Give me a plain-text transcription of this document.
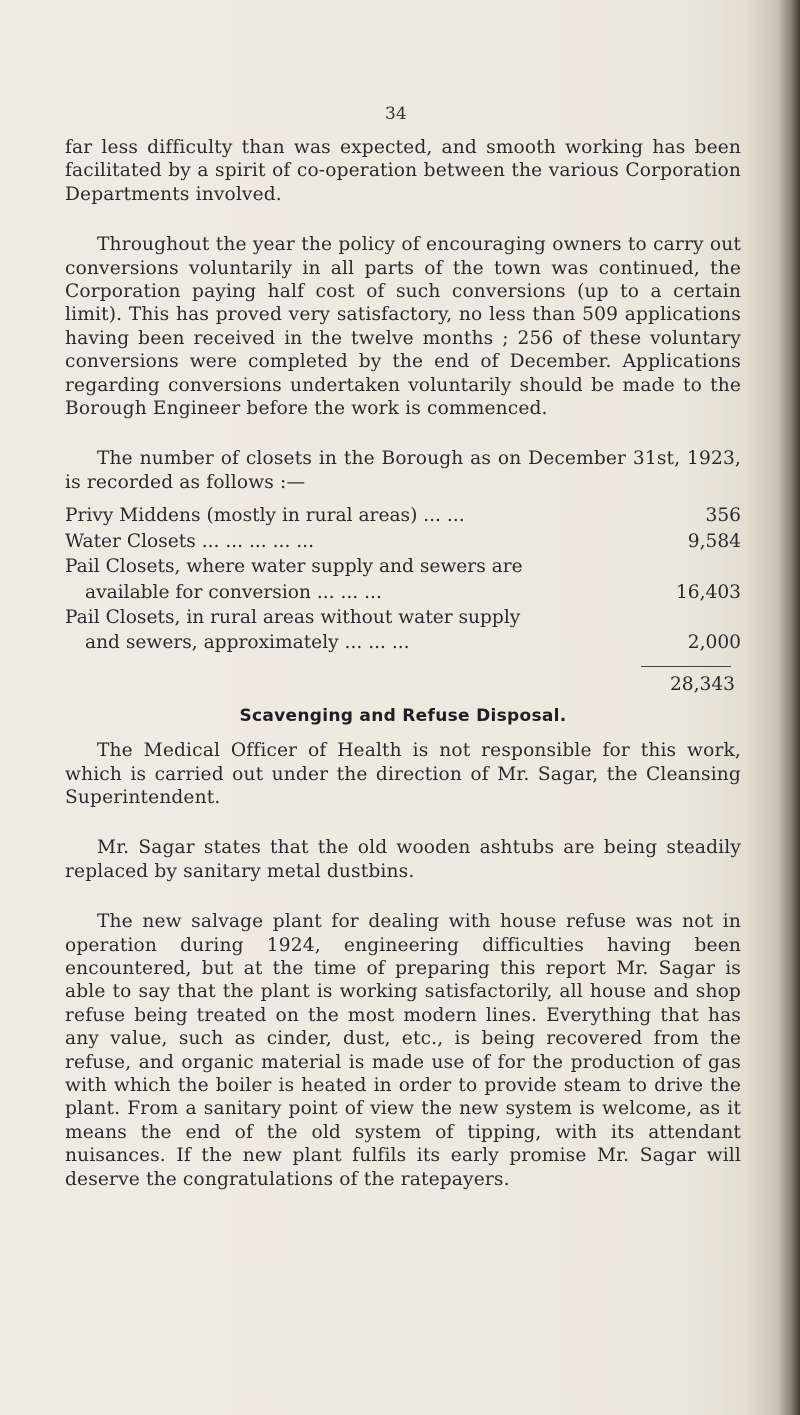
34

far less difficulty than was expected, and smooth working has been facilitated by a spirit of co-operation between the various Corporation Departments involved.

Throughout the year the policy of encouraging owners to carry out conversions voluntarily in all parts of the town was continued, the Corporation paying half cost of such conversions (up to a certain limit). This has proved very satisfactory, no less than 509 applications having been received in the twelve months ; 256 of these voluntary conversions were completed by the end of December. Applications regarding conversions undertaken voluntarily should be made to the Borough Engineer before the work is commenced.

The number of closets in the Borough as on December 31st, 1923, is recorded as follows :—

Privy Middens (mostly in rural areas) ... ...	356
Water Closets ... ... ... ... ...	9,584
Pail Closets, where water supply and sewers are
available for conversion ... ... ...	16,403
Pail Closets, in rural areas without water supply
and sewers, approximately ... ... ...	2,000
28,343
Scavenging and Refuse Disposal.

The Medical Officer of Health is not responsible for this work, which is carried out under the direction of Mr. Sagar, the Cleansing Superintendent.

Mr. Sagar states that the old wooden ashtubs are being steadily replaced by sanitary metal dustbins.

The new salvage plant for dealing with house refuse was not in operation during 1924, engineering difficulties having been encountered, but at the time of preparing this report Mr. Sagar is able to say that the plant is working satisfactorily, all house and shop refuse being treated on the most modern lines. Everything that has any value, such as cinder, dust, etc., is being recovered from the refuse, and organic material is made use of for the production of gas with which the boiler is heated in order to provide steam to drive the plant. From a sanitary point of view the new system is welcome, as it means the end of the old system of tipping, with its attendant nuisances. If the new plant fulfils its early promise Mr. Sagar will deserve the congratulations of the ratepayers.
